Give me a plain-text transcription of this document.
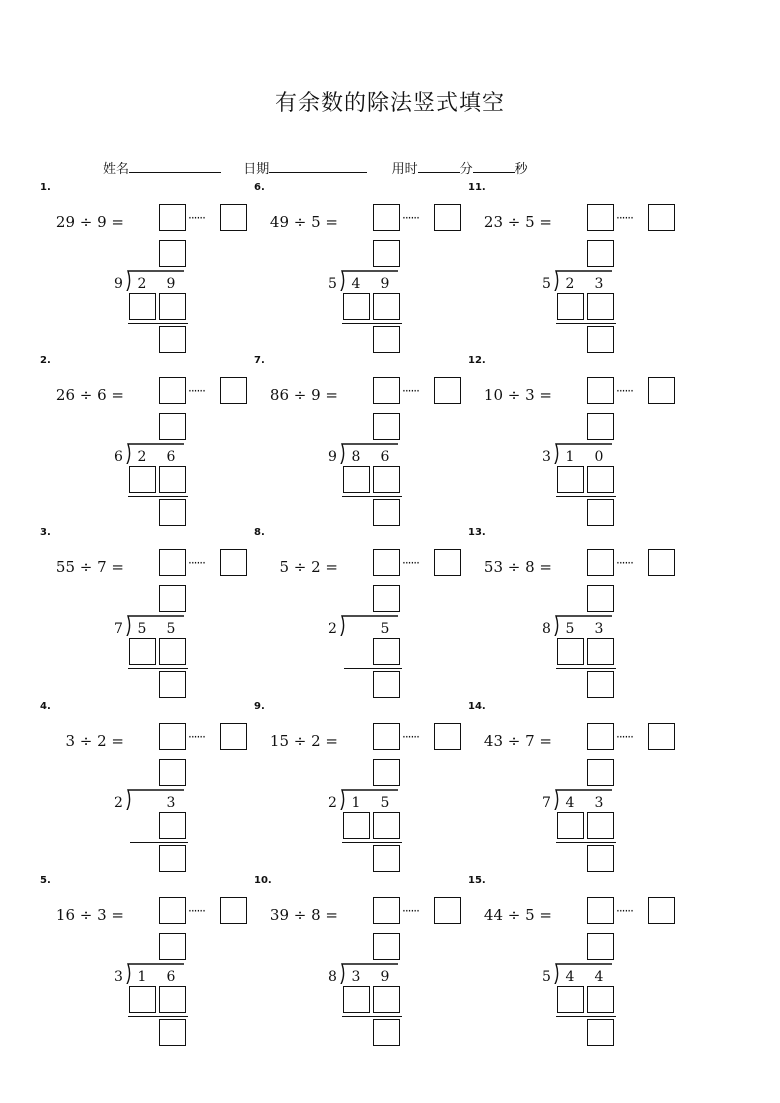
有余数的除法竖式填空
姓名	日期	用时	分	秒
1.
29 ÷ 9 =	······
9	2	9
2.
26 ÷ 6 =	······
6	2	6
3.
55 ÷ 7 =	······
7	5	5
4.
3 ÷ 2 =	······
2	3
5.
16 ÷ 3 =	······
3	1	6
6.
49 ÷ 5 =	······
5	4	9
7.
86 ÷ 9 =	······
9	8	6
8.
5 ÷ 2 =	······
2	5
9.
15 ÷ 2 =	······
2	1	5
10.
39 ÷ 8 =	······
8	3	9
11.
23 ÷ 5 =	······
5	2	3
12.
10 ÷ 3 =	······
3	1	0
13.
53 ÷ 8 =	······
8	5	3
14.
43 ÷ 7 =	······
7	4	3
15.
44 ÷ 5 =	······
5	4	4
